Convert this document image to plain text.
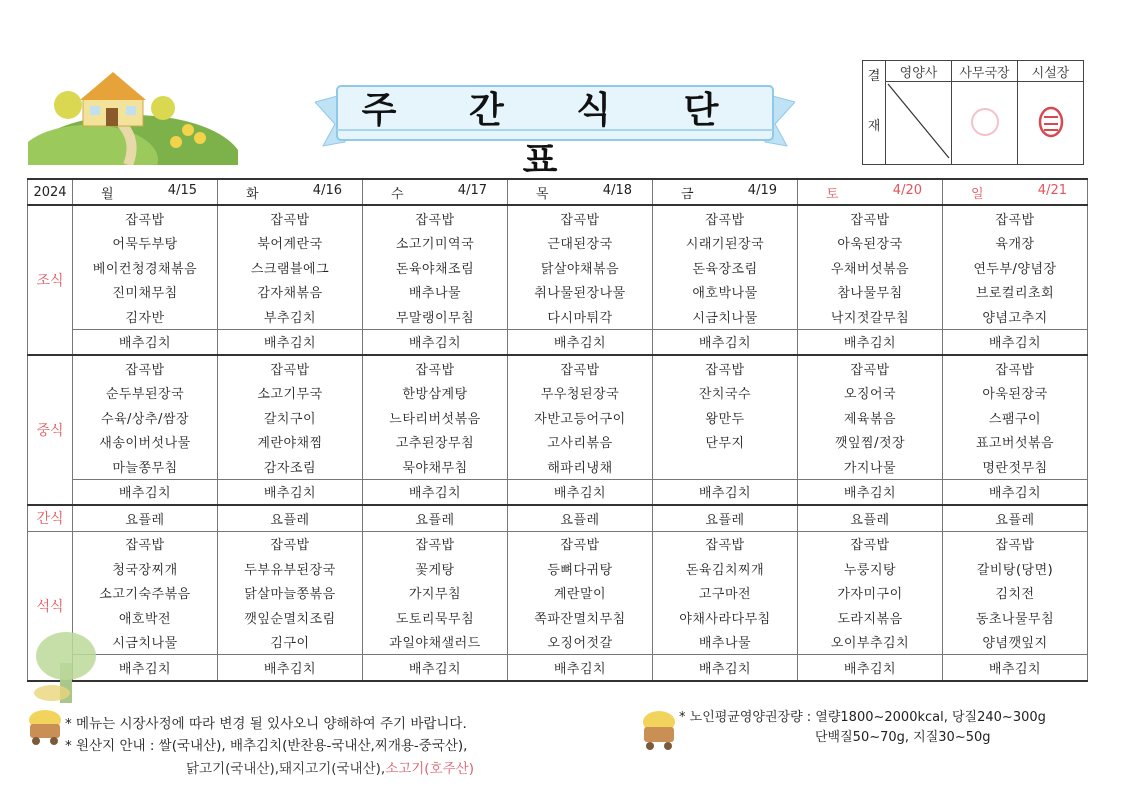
주 간 식 단 표
결
재	영양사	사무국장	시설장

2024	월 4/15	화 4/16	수 4/17	목 4/18	금 4/19	토 4/20	일 4/21

조식	잡곡밥	잡곡밥	잡곡밥	잡곡밥	잡곡밥	잡곡밥	잡곡밥
	어묵두부탕	북어계란국	소고기미역국	근대된장국	시래기된장국	아욱된장국	육개장
	베이컨청경채볶음	스크램블에그	돈육야채조림	닭살야채볶음	돈육장조림	우채버섯볶음	연두부/양념장
	진미채무침	감자채볶음	배추나물	취나물된장나물	애호박나물	참나물무침	브로컬리초회
	김자반	부추김치	무말랭이무침	다시마튀각	시금치나물	낙지젓갈무침	양념고추지
	배추김치	배추김치	배추김치	배추김치	배추김치	배추김치	배추김치
중식	잡곡밥	잡곡밥	잡곡밥	잡곡밥	잡곡밥	잡곡밥	잡곡밥
	순두부된장국	소고기무국	한방삼계탕	무우청된장국	잔치국수	오징어국	아욱된장국
	수육/상추/쌈장	갈치구이	느타리버섯볶음	자반고등어구이	왕만두	제육볶음	스팸구이
	새송이버섯나물	계란야채찜	고추된장무침	고사리볶음	단무지	깻잎찜/젓장	표고버섯볶음
	마늘쫑무침	감자조림	묵야채무침	해파리냉채		가지나물	명란젓무침
	배추김치	배추김치	배추김치	배추김치	배추김치	배추김치	배추김치
간식	요플레	요플레	요플레	요플레	요플레	요플레	요플레
석식	잡곡밥	잡곡밥	잡곡밥	잡곡밥	잡곡밥	잡곡밥	잡곡밥
	청국장찌개	두부유부된장국	꽃게탕	등뼈다귀탕	돈육김치찌개	누룽지탕	갈비탕(당면)
	소고기숙주볶음	닭살마늘쫑볶음	가지무침	계란말이	고구마전	가자미구이	김치전
	애호박전	깻잎순멸치조림	도토리묵무침	쪽파잔멸치무침	야채사라다무침	도라지볶음	동초나물무침
	시금치나물	김구이	과일야채샐러드	오징어젓갈	배추나물	오이부추김치	양념깻잎지
	배추김치	배추김치	배추김치	배추김치	배추김치	배추김치	배추김치
* 메뉴는 시장사정에 따라 변경 될 있사오니 양해하여 주기 바랍니다.
* 원산지 안내 : 쌀(국내산), 배추김치(반찬용-국내산,찌개용-중국산),
닭고기(국내산),돼지고기(국내산),소고기(호주산)
* 노인평균영양권장량 : 열량1800~2000kcal, 당질240~300g
단백질50~70g, 지질30~50g
